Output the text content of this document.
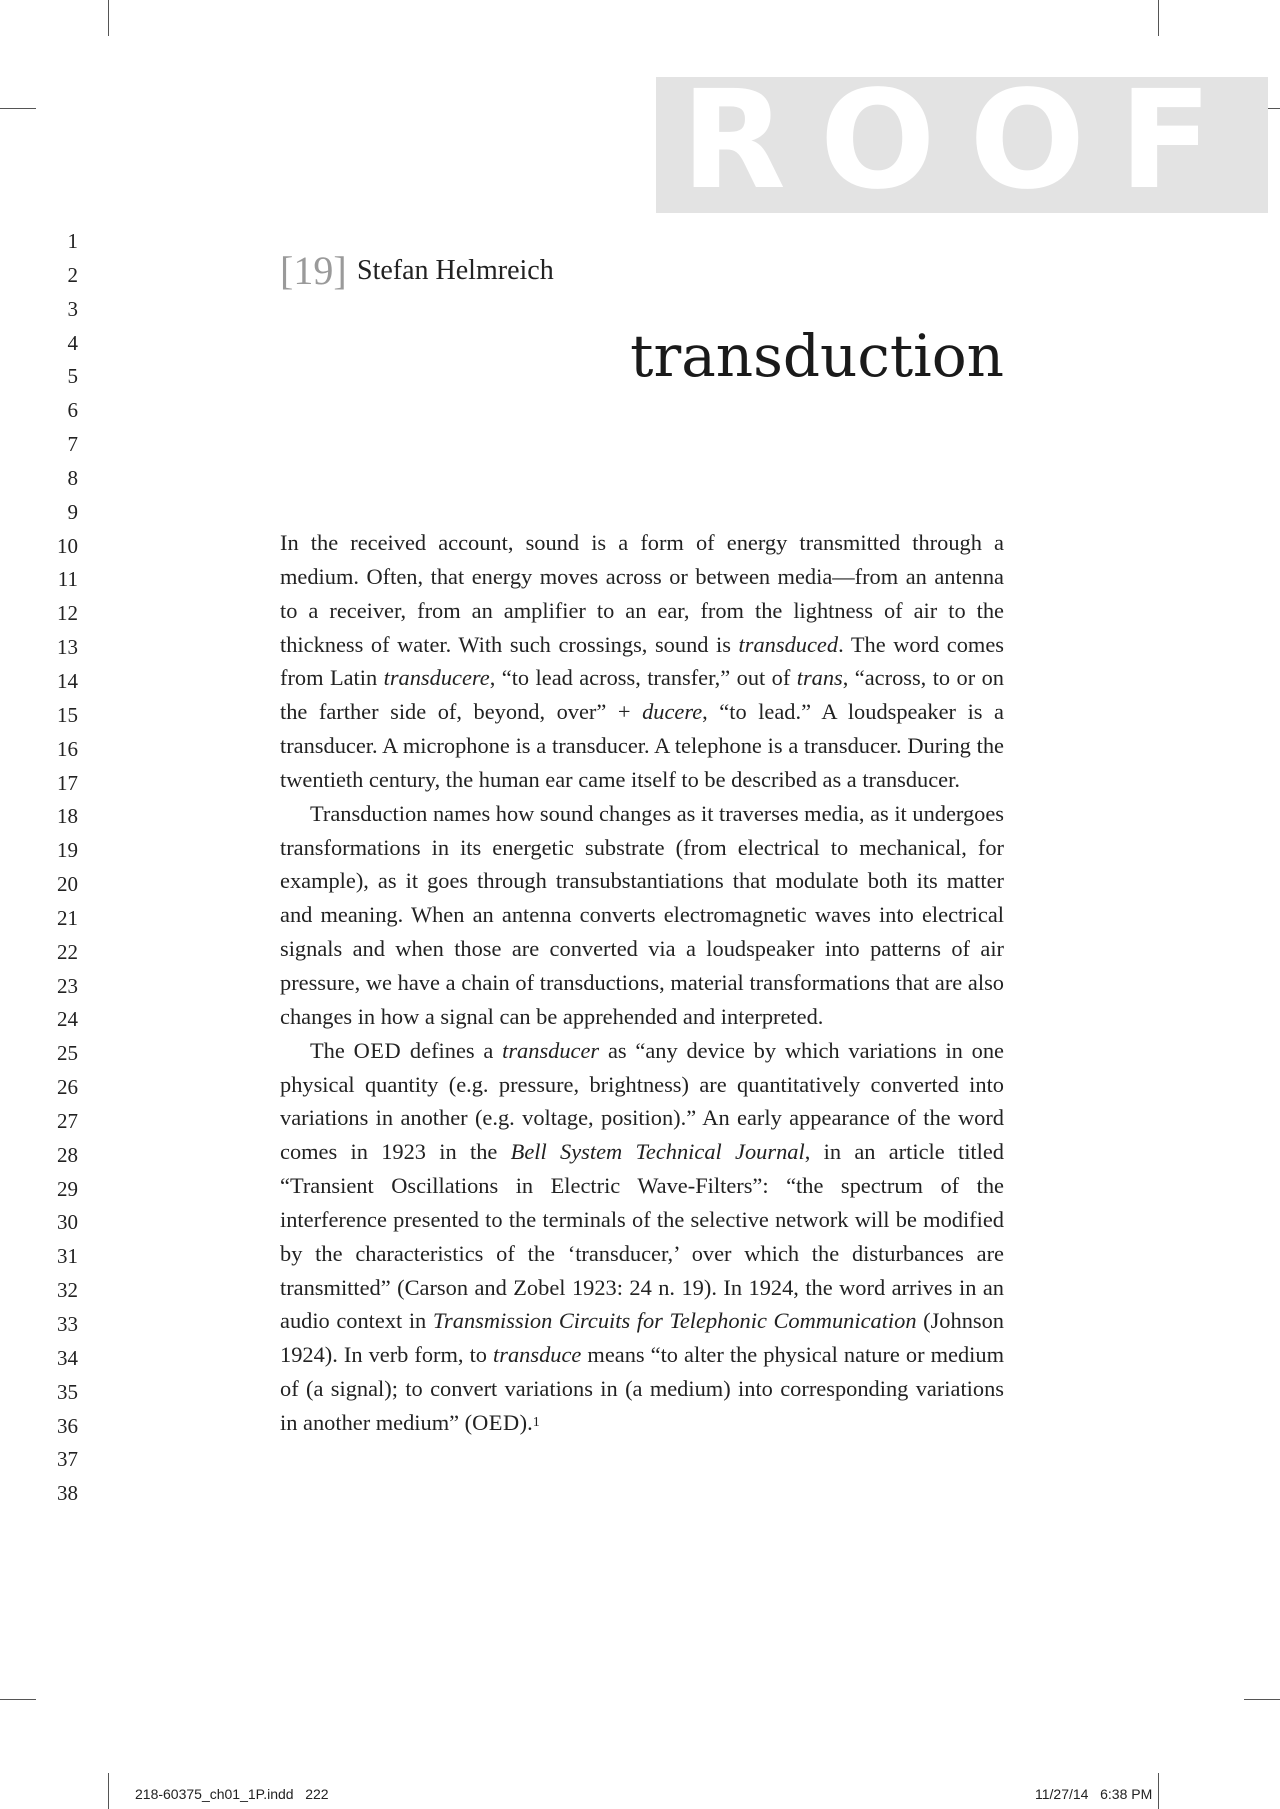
PROOF
1
2
3
4
5
6
7
8
9
10
11
12
13
14
15
16
17
18
19
20
21
22
23
24
25
26
27
28
29
30
31
32
33
34
35
36
37
38
[19] Stefan Helmreich
transduction

In the received account, sound is a form of energy transmitted through a medium. Often, that energy moves across or between media—from an antenna to a receiver, from an amplifier to an ear, from the lightness of air to the thickness of water. With such crossings, sound is transduced. The word comes from Latin transducere, “to lead across, transfer,” out of trans, “across, to or on the farther side of, beyond, over” + ducere, “to lead.” A loudspeaker is a transducer. A microphone is a transducer. A telephone is a transducer. During the twentieth century, the human ear came itself to be described as a transducer.

Transduction names how sound changes as it traverses media, as it undergoes transformations in its energetic substrate (from electrical to mechanical, for example), as it goes through transubstantiations that modulate both its matter and meaning. When an antenna converts electromagnetic waves into electrical signals and when those are converted via a loudspeaker into patterns of air pressure, we have a chain of transductions, material transformations that are also changes in how a signal can be apprehended and interpreted.

The OED defines a transducer as “any device by which variations in one physical quantity (e.g. pressure, brightness) are quantitatively converted into variations in another (e.g. voltage, position).” An early appearance of the word comes in 1923 in the Bell System Technical Journal, in an article titled “Transient Oscillations in Electric Wave-Filters”: “the spectrum of the interference presented to the terminals of the selective network will be modified by the characteristics of the ‘transducer,’ over which the disturbances are transmitted” (Carson and Zobel 1923: 24 n. 19). In 1924, the word arrives in an audio context in Transmission Circuits for Telephonic Communication (Johnson 1924). In verb form, to transduce means “to alter the physical nature or medium of (a signal); to convert variations in (a medium) into corresponding variations in another medium” (OED).$^1$

218-60375_ch01_1P.indd   222	11/27/14   6:38 PM
